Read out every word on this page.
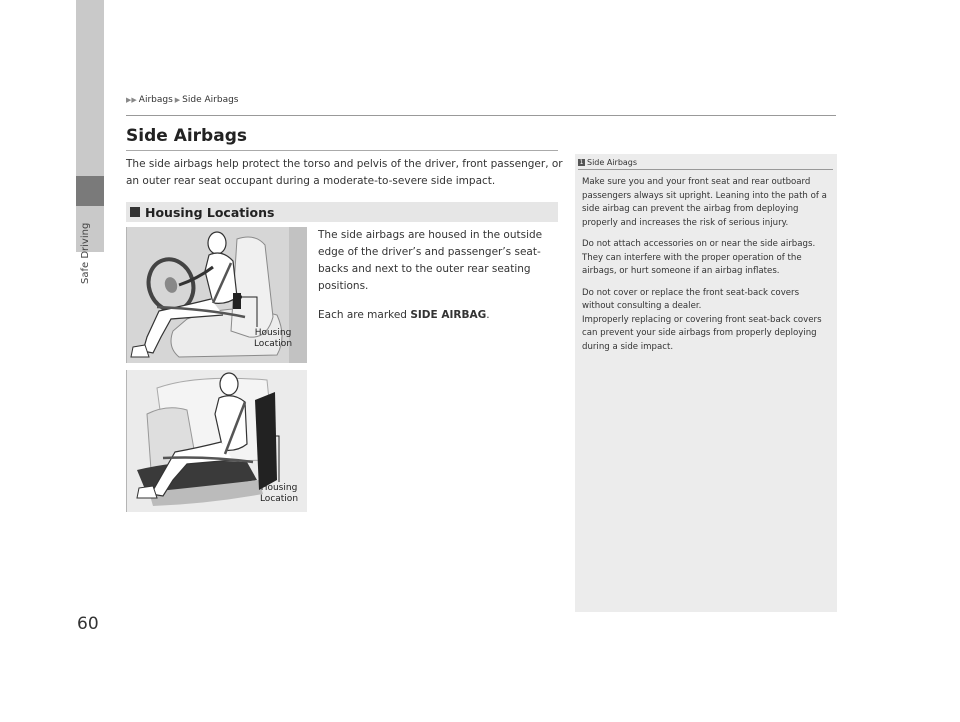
Safe Driving
60
▶ ▶ Airbags ▶ Side Airbags
Side Airbags

The side airbags help protect the torso and pelvis of the driver, front passenger, or an outer rear seat occupant during a moderate-to-severe side impact.

Housing Locations

The side airbags are housed in the outside edge of the driver’s and passenger’s seat-backs and next to the outer rear seating positions.

Each are marked SIDE AIRBAG.

Housing
Location
Housing
Location
1 Side Airbags

Make sure you and your front seat and rear outboard passengers always sit upright. Leaning into the path of a side airbag can prevent the airbag from deploying properly and increases the risk of serious injury.

Do not attach accessories on or near the side airbags. They can interfere with the proper operation of the airbags, or hurt someone if an airbag inflates.

Do not cover or replace the front seat-back covers without consulting a dealer.
Improperly replacing or covering front seat-back covers can prevent your side airbags from properly deploying during a side impact.
